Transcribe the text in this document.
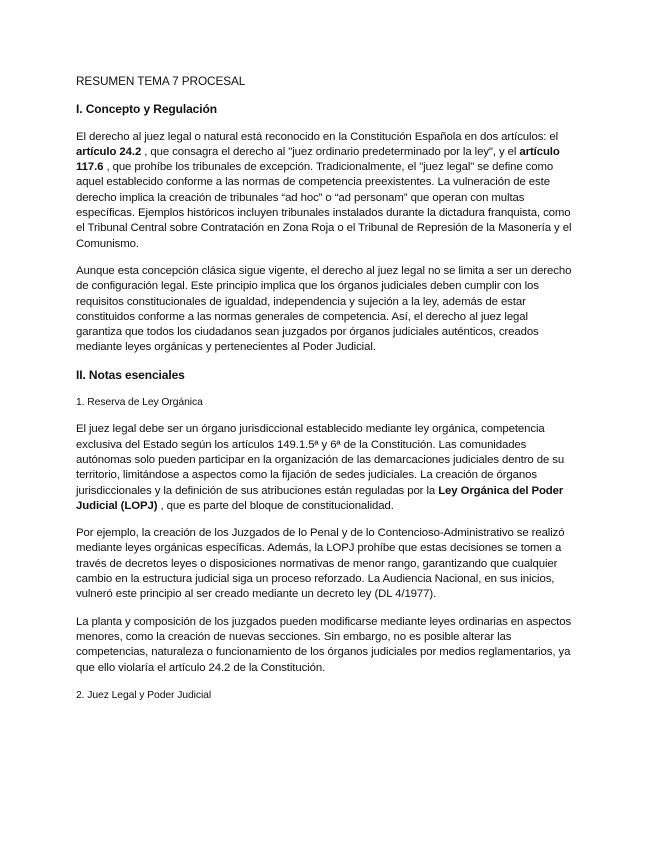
RESUMEN TEMA 7 PROCESAL
I. Concepto y Regulación

El derecho al juez legal o natural está reconocido en la Constitución Española en dos artículos: el artículo 24.2 , que consagra el derecho al "juez ordinario predeterminado por la ley", y el artículo 117.6 , que prohíbe los tribunales de excepción. Tradicionalmente, el "juez legal" se define como aquel establecido conforme a las normas de competencia preexistentes. La vulneración de este derecho implica la creación de tribunales “ad hoc” o “ad personam” que operan con multas específicas. Ejemplos históricos incluyen tribunales instalados durante la dictadura franquista, como el Tribunal Central sobre Contratación en Zona Roja o el Tribunal de Represión de la Masonería y el Comunismo.

Aunque esta concepción clásica sigue vigente, el derecho al juez legal no se limita a ser un derecho de configuración legal. Este principio implica que los órganos judiciales deben cumplir con los requisitos constitucionales de igualdad, independencia y sujeción a la ley, además de estar constituidos conforme a las normas generales de competencia. Así, el derecho al juez legal garantiza que todos los ciudadanos sean juzgados por órganos judiciales auténticos, creados mediante leyes orgánicas y pertenecientes al Poder Judicial.

II. Notas esenciales
1. Reserva de Ley Orgánica

El juez legal debe ser un órgano jurisdiccional establecido mediante ley orgánica, competencia exclusiva del Estado según los artículos 149.1.5ª y 6ª de la Constitución. Las comunidades autónomas solo pueden participar en la organización de las demarcaciones judiciales dentro de su territorio, limitándose a aspectos como la fijación de sedes judiciales. La creación de órganos jurisdiccionales y la definición de sus atribuciones están reguladas por la Ley Orgánica del Poder Judicial (LOPJ) , que es parte del bloque de constitucionalidad.

Por ejemplo, la creación de los Juzgados de lo Penal y de lo Contencioso-Administrativo se realizó mediante leyes orgánicas específicas. Además, la LOPJ prohíbe que estas decisiones se tomen a través de decretos leyes o disposiciones normativas de menor rango, garantizando que cualquier cambio en la estructura judicial siga un proceso reforzado. La Audiencia Nacional, en sus inicios, vulneró este principio al ser creado mediante un decreto ley (DL 4/1977).

La planta y composición de los juzgados pueden modificarse mediante leyes ordinarias en aspectos menores, como la creación de nuevas secciones. Sin embargo, no es posible alterar las competencias, naturaleza o funcionamiento de los órganos judiciales por medios reglamentarios, ya que ello violaría el artículo 24.2 de la Constitución.

2. Juez Legal y Poder Judicial
